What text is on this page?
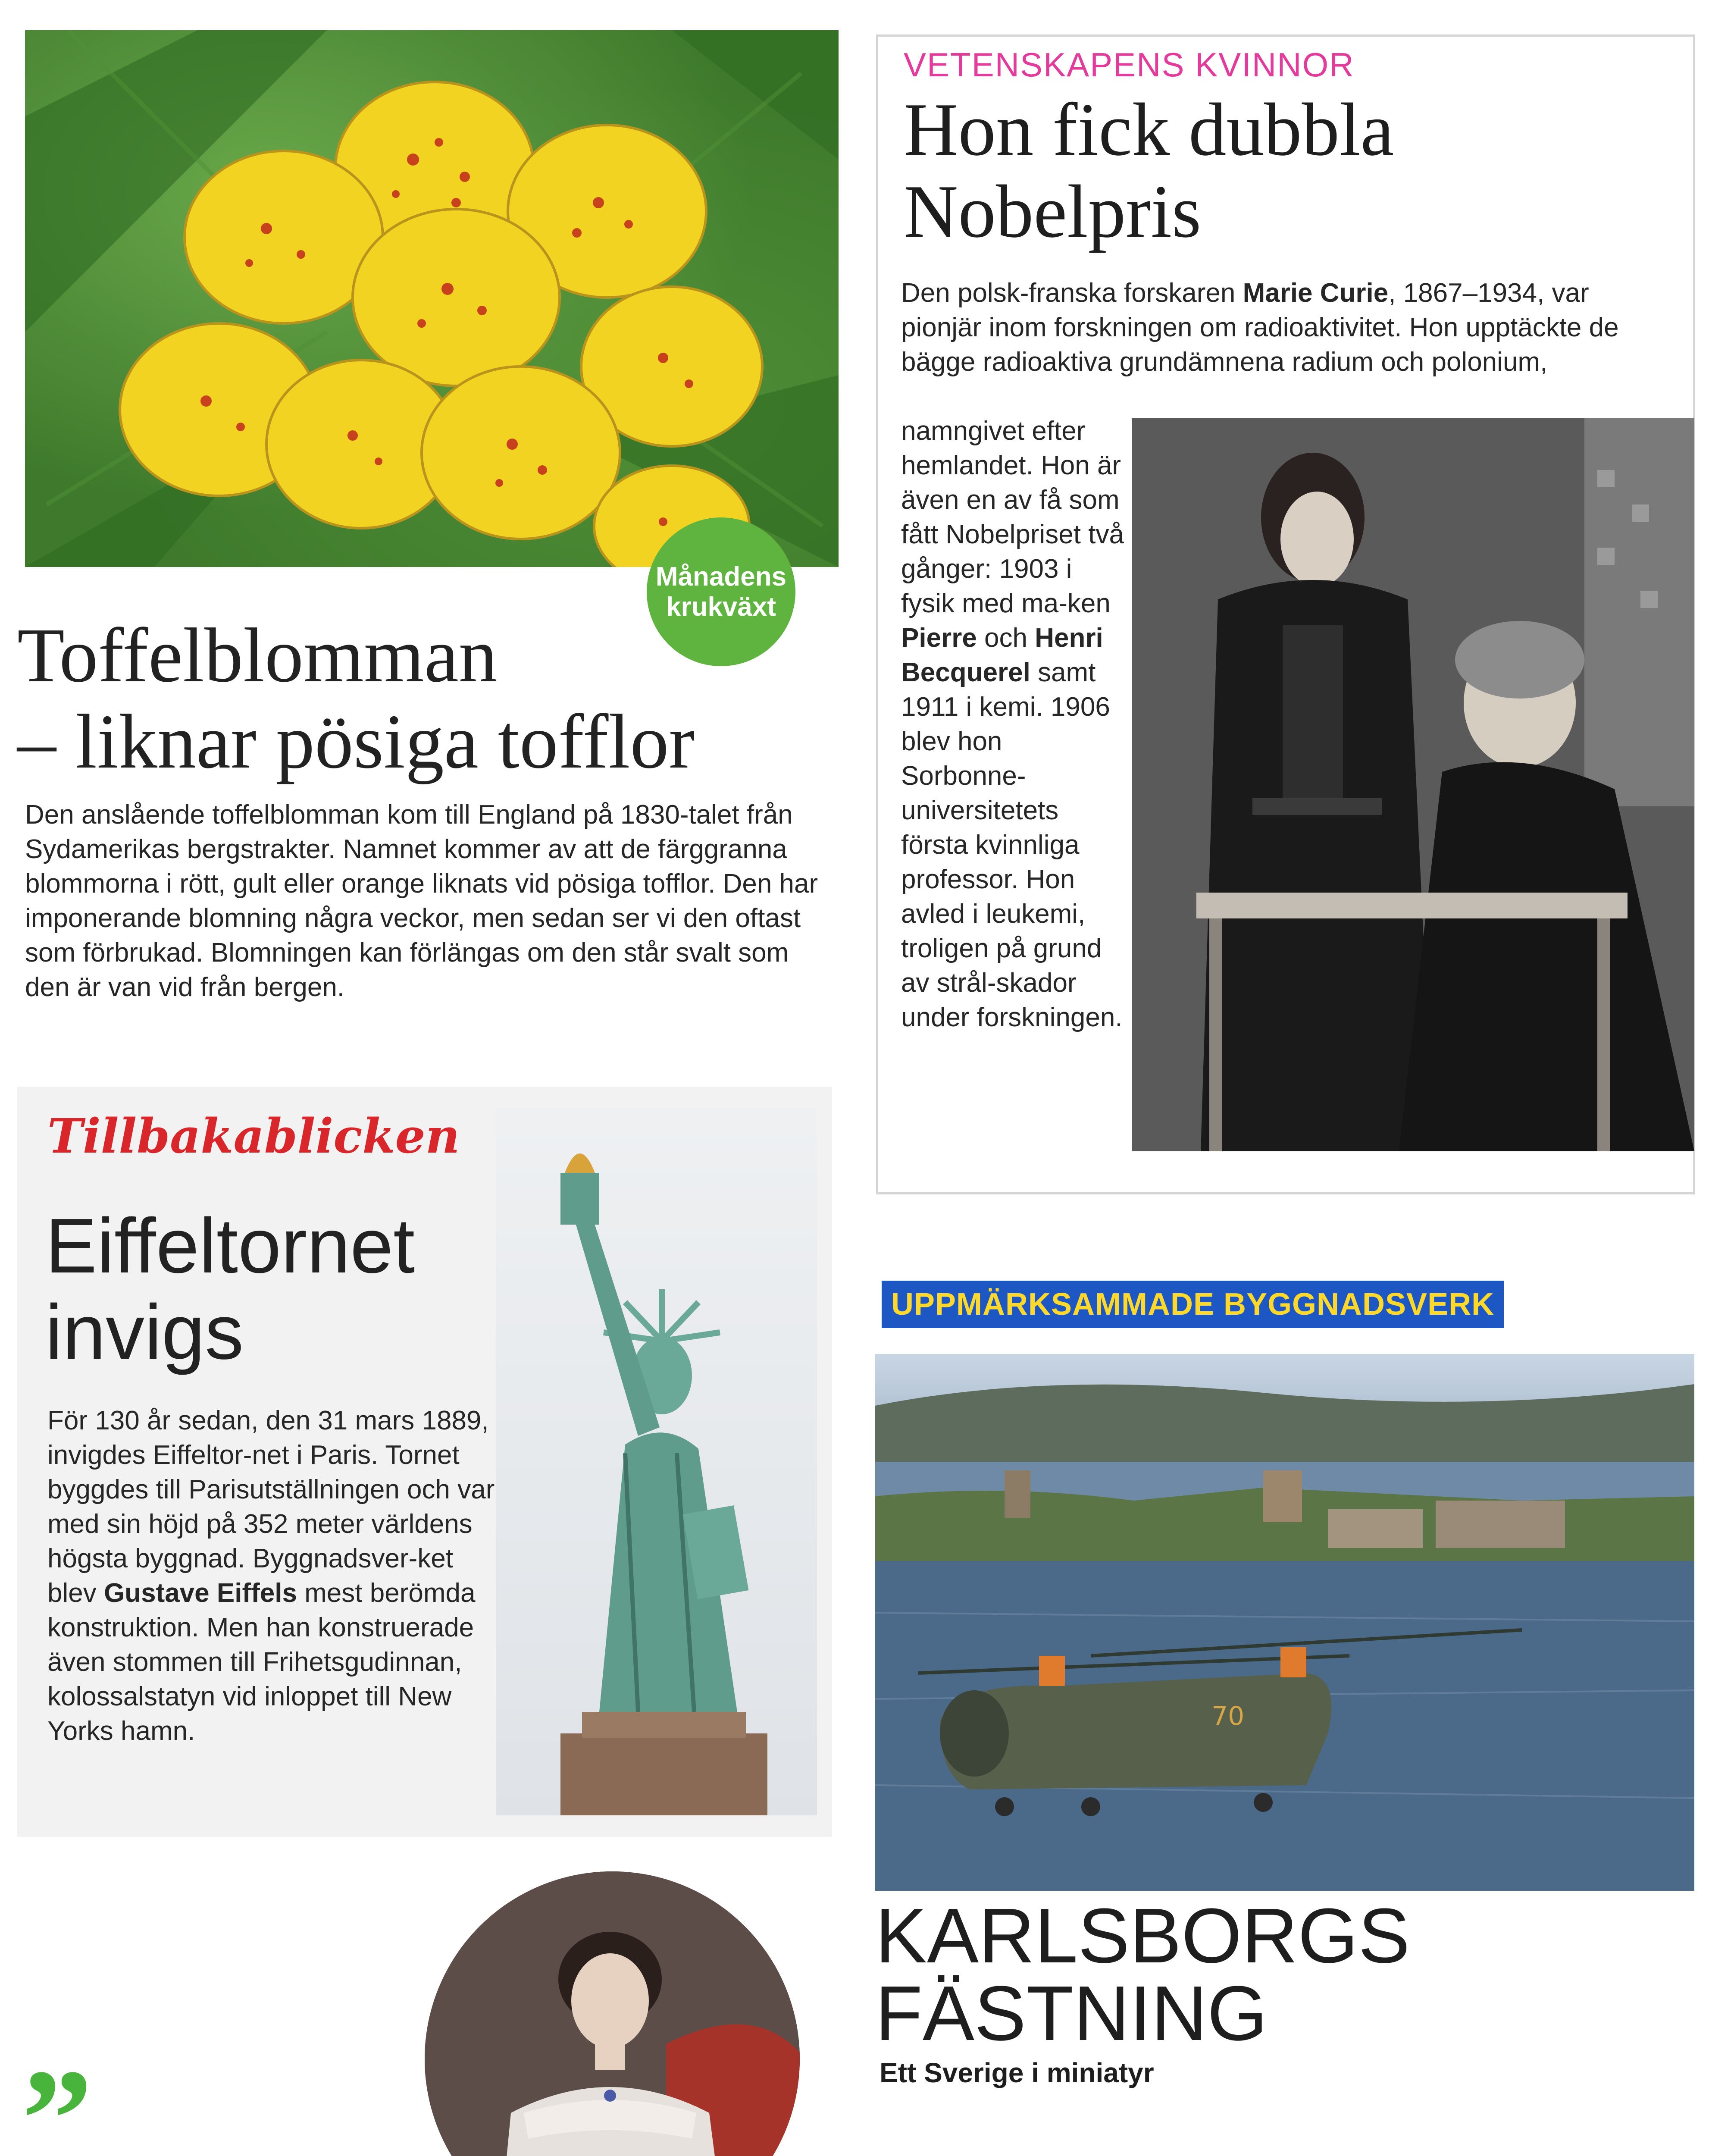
Månadens
krukväxt
Toffelblomman
– liknar pösiga tofflor
Den anslående toffelblomman kom till England på 1830-talet från Sydamerikas bergstrakter. Namnet kommer av att de färggranna blommorna i rött, gult eller orange liknats vid pösiga tofflor. Den har imponerande blomning några veckor, men sedan ser vi den oftast som förbrukad. Blomningen kan förlängas om den står svalt som den är van vid från bergen.
VETENSKAPENS KVINNOR
Hon fick dubbla Nobelpris
Den polsk-franska forskaren Marie Curie, 1867–1934, var pionjär inom forskningen om radioaktivitet. Hon upptäckte de bägge radioaktiva grundämnena radium och polonium,
namngivet efter hemlandet. Hon är även en av få som fått Nobelpriset två gånger: 1903 i fysik med ma-ken Pierre och Henri Becquerel samt 1911 i kemi. 1906 blev hon Sorbonne-universitetets första kvinnliga professor. Hon avled i leukemi, troligen på grund av strål-skador under forskningen.
Tillbakablicken
Eiffeltornet
invigs
För 130 år sedan, den 31 mars 1889, invigdes Eiffeltor-net i Paris. Tornet byggdes till Parisutställningen och var med sin höjd på 352 meter världens högsta byggnad. Byggnadsver-ket blev Gustave Eiffels mest berömda konstruktion. Men han konstruerade även stommen till Frihetsgudinnan, kolossalstatyn vid inloppet till New Yorks hamn.
UPPMÄRKSAMMADE BYGGNADSVERK
70
KARLSBORGS
FÄSTNING
Ett Sverige i miniatyr
”
